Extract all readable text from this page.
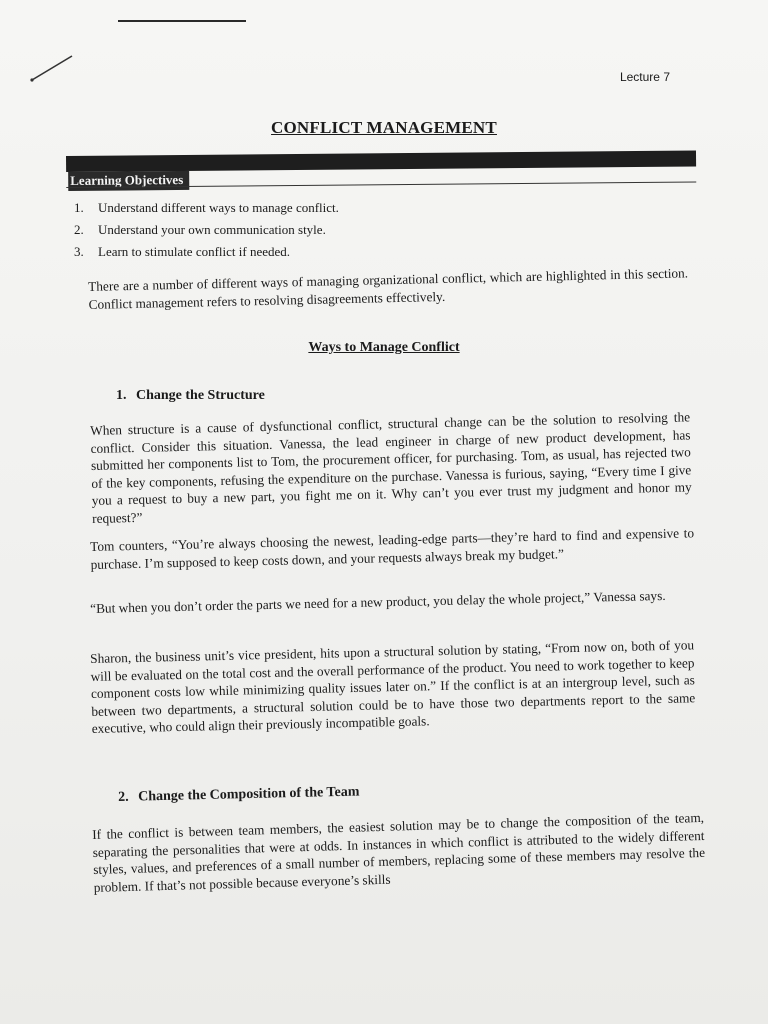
Lecture 7
CONFLICT MANAGEMENT
Learning Objectives
1. Understand different ways to manage conflict.
2. Understand your own communication style.
3. Learn to stimulate conflict if needed.

There are a number of different ways of managing organizational conflict, which are highlighted in this section. Conflict management refers to resolving disagreements effectively.

Ways to Manage Conflict
1. Change the Structure

When structure is a cause of dysfunctional conflict, structural change can be the solution to resolving the conflict. Consider this situation. Vanessa, the lead engineer in charge of new product development, has submitted her components list to Tom, the procurement officer, for purchasing. Tom, as usual, has rejected two of the key components, refusing the expenditure on the purchase. Vanessa is furious, saying, “Every time I give you a request to buy a new part, you fight me on it. Why can’t you ever trust my judgment and honor my request?”

Tom counters, “You’re always choosing the newest, leading-edge parts—they’re hard to find and expensive to purchase. I’m supposed to keep costs down, and your requests always break my budget.”

“But when you don’t order the parts we need for a new product, you delay the whole project,” Vanessa says.

Sharon, the business unit’s vice president, hits upon a structural solution by stating, “From now on, both of you will be evaluated on the total cost and the overall performance of the product. You need to work together to keep component costs low while minimizing quality issues later on.” If the conflict is at an intergroup level, such as between two departments, a structural solution could be to have those two departments report to the same executive, who could align their previously incompatible goals.

2. Change the Composition of the Team

If the conflict is between team members, the easiest solution may be to change the composition of the team, separating the personalities that were at odds. In instances in which conflict is attributed to the widely different styles, values, and preferences of a small number of members, replacing some of these members may resolve the problem. If that’s not possible because everyone’s skills
